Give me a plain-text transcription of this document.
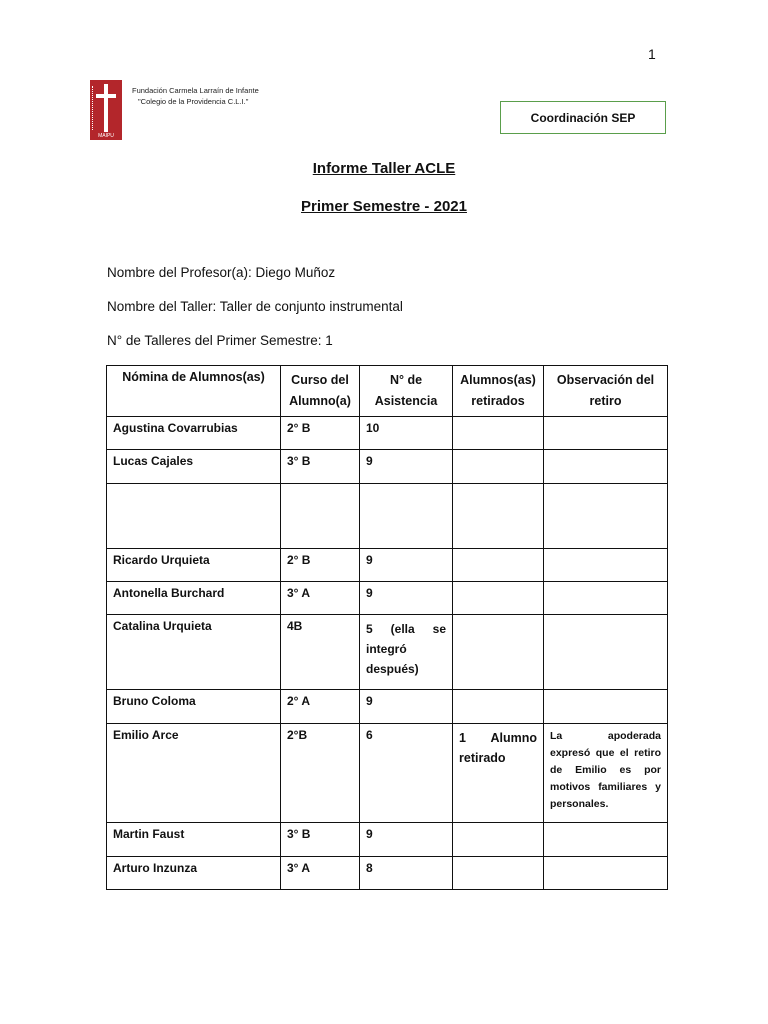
1
MAIPU
Fundación Carmela Larraín de Infante
"Colegio de la Providencia C.L.I."
Coordinación SEP
Informe Taller ACLE
Primer Semestre - 2021
Nombre del Profesor(a): Diego Muñoz
Nombre del Taller: Taller de conjunto instrumental
N° de Talleres del Primer Semestre: 1
Nómina de Alumnos(as)	Curso del Alumno(a)	N° de Asistencia	Alumnos(as) retirados	Observación del retiro
Agustina Covarrubias	2° B	10		
Lucas Cajales	3° B	9		

Ricardo Urquieta	2° B	9		
Antonella Burchard	3° A	9		
Catalina Urquieta	4B	5 (ella se integró después)		
Bruno Coloma	2° A	9		
Emilio Arce	2°B	6	1 Alumno retirado	La apoderada expresó que el retiro de Emilio es por motivos familiares y personales.
Martin Faust	3° B	9		
Arturo Inzunza	3° A	8		
